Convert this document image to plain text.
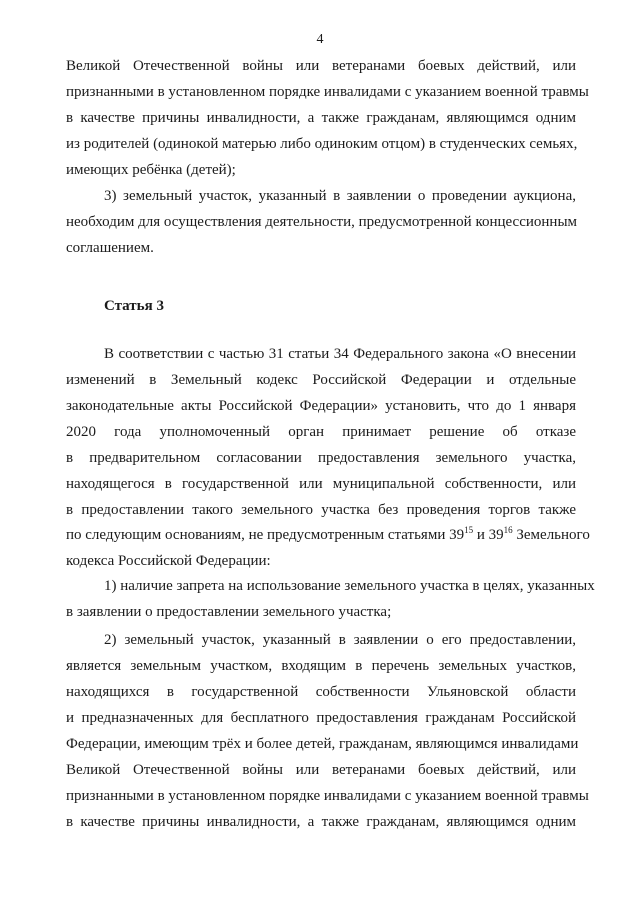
4
Великой Отечественной войны или ветеранами боевых действий, или
признанными в установленном порядке инвалидами с указанием военной травмы
в качестве причины инвалидности, а также гражданам, являющимся одним
из родителей (одинокой матерью либо одиноким отцом) в студенческих семьях,
имеющих ребёнка (детей);
3) земельный участок, указанный в заявлении о проведении аукциона,
необходим для осуществления деятельности, предусмотренной концессионным
соглашением.
Статья 3
В соответствии с частью 31 статьи 34 Федерального закона «О внесении
изменений в Земельный кодекс Российской Федерации и отдельные
законодательные акты Российской Федерации» установить, что до 1 января
2020 года уполномоченный орган принимает решение об отказе
в предварительном согласовании предоставления земельного участка,
находящегося в государственной или муниципальной собственности, или
в предоставлении такого земельного участка без проведения торгов также
по следующим основаниям, не предусмотренным статьями $39^{15}$ и $39^{16}$ Земельного
кодекса Российской Федерации:
1) наличие запрета на использование земельного участка в целях, указанных
в заявлении о предоставлении земельного участка;
2) земельный участок, указанный в заявлении о его предоставлении,
является земельным участком, входящим в перечень земельных участков,
находящихся в государственной собственности Ульяновской области
и предназначенных для бесплатного предоставления гражданам Российской
Федерации, имеющим трёх и более детей, гражданам, являющимся инвалидами
Великой Отечественной войны или ветеранами боевых действий, или
признанными в установленном порядке инвалидами с указанием военной травмы
в качестве причины инвалидности, а также гражданам, являющимся одним
